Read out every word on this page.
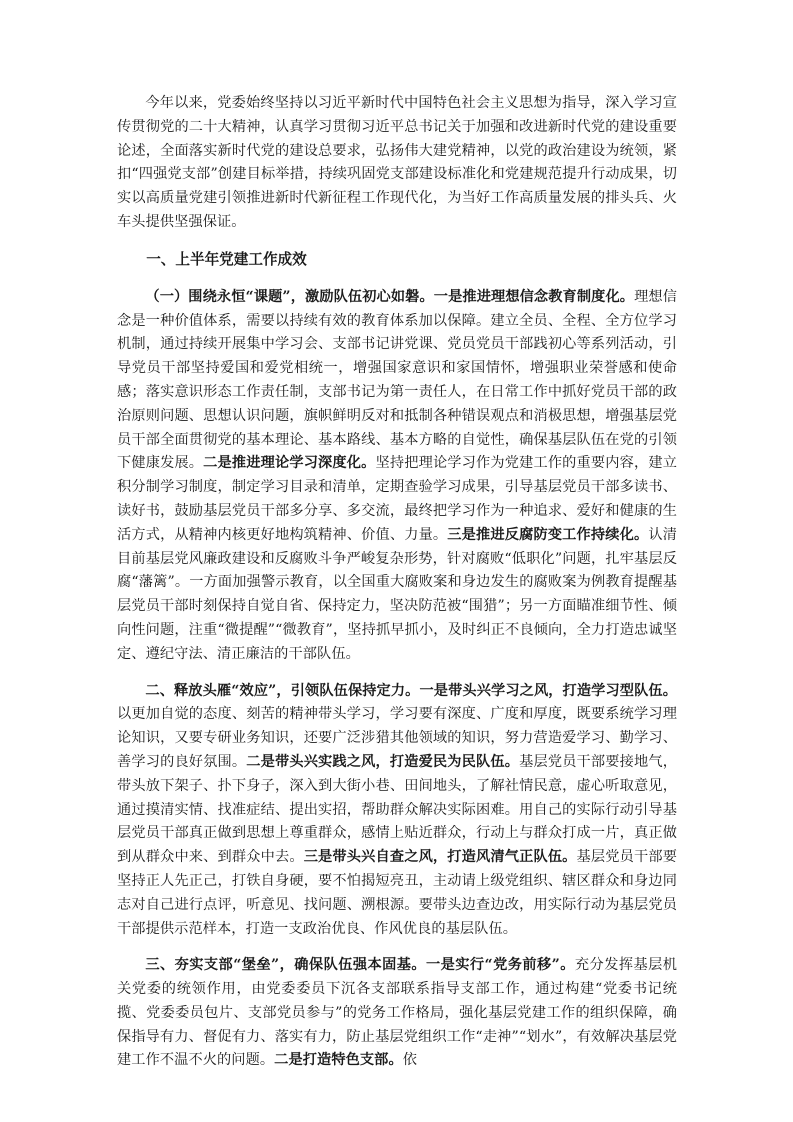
今年以来，党委始终坚持以习近平新时代中国特色社会主义思想为指导，深入学习宣传贯彻党的二十大精神，认真学习贯彻习近平总书记关于加强和改进新时代党的建设重要论述，全面落实新时代党的建设总要求，弘扬伟大建党精神，以党的政治建设为统领，紧扣“四强党支部”创建目标举措，持续巩固党支部建设标准化和党建规范提升行动成果，切实以高质量党建引领推进新时代新征程工作现代化，为当好工作高质量发展的排头兵、火车头提供坚强保证。

一、上半年党建工作成效

（一）围绕永恒“课题”，激励队伍初心如磐。一是推进理想信念教育制度化。理想信念是一种价值体系，需要以持续有效的教育体系加以保障。建立全员、全程、全方位学习机制，通过持续开展集中学习会、支部书记讲党课、党员党员干部践初心等系列活动，引导党员干部坚持爱国和爱党相统一，增强国家意识和家国情怀，增强职业荣誉感和使命感；落实意识形态工作责任制，支部书记为第一责任人，在日常工作中抓好党员干部的政治原则问题、思想认识问题，旗帜鲜明反对和抵制各种错误观点和消极思想，增强基层党员干部全面贯彻党的基本理论、基本路线、基本方略的自觉性，确保基层队伍在党的引领下健康发展。二是推进理论学习深度化。坚持把理论学习作为党建工作的重要内容，建立积分制学习制度，制定学习目录和清单，定期查验学习成果，引导基层党员干部多读书、读好书，鼓励基层党员干部多分享、多交流，最终把学习作为一种追求、爱好和健康的生活方式，从精神内核更好地构筑精神、价值、力量。三是推进反腐防变工作持续化。认清目前基层党风廉政建设和反腐败斗争严峻复杂形势，针对腐败“低职化”问题，扎牢基层反腐“藩篱”。一方面加强警示教育，以全国重大腐败案和身边发生的腐败案为例教育提醒基层党员干部时刻保持自觉自省、保持定力，坚决防范被“围猎”；另一方面瞄准细节性、倾向性问题，注重“微提醒”“微教育”，坚持抓早抓小，及时纠正不良倾向，全力打造忠诚坚定、遵纪守法、清正廉洁的干部队伍。

二、释放头雁“效应”，引领队伍保持定力。一是带头兴学习之风，打造学习型队伍。以更加自觉的态度、刻苦的精神带头学习，学习要有深度、广度和厚度，既要系统学习理论知识，又要专研业务知识，还要广泛涉猎其他领域的知识，努力营造爱学习、勤学习、善学习的良好氛围。二是带头兴实践之风，打造爱民为民队伍。基层党员干部要接地气，带头放下架子、扑下身子，深入到大街小巷、田间地头，了解社情民意，虚心听取意见，通过摸清实情、找准症结、提出实招，帮助群众解决实际困难。用自己的实际行动引导基层党员干部真正做到思想上尊重群众，感情上贴近群众，行动上与群众打成一片，真正做到从群众中来、到群众中去。三是带头兴自查之风，打造风清气正队伍。基层党员干部要坚持正人先正己，打铁自身硬，要不怕揭短亮丑，主动请上级党组织、辖区群众和身边同志对自己进行点评，听意见、找问题、溯根源。要带头边查边改，用实际行动为基层党员干部提供示范样本，打造一支政治优良、作风优良的基层队伍。

三、夯实支部“堡垒”，确保队伍强本固基。一是实行“党务前移”。充分发挥基层机关党委的统领作用，由党委委员下沉各支部联系指导支部工作，通过构建“党委书记统揽、党委委员包片、支部党员参与”的党务工作格局，强化基层党建工作的组织保障，确保指导有力、督促有力、落实有力，防止基层党组织工作“走神”“划水”，有效解决基层党建工作不温不火的问题。二是打造特色支部。依
